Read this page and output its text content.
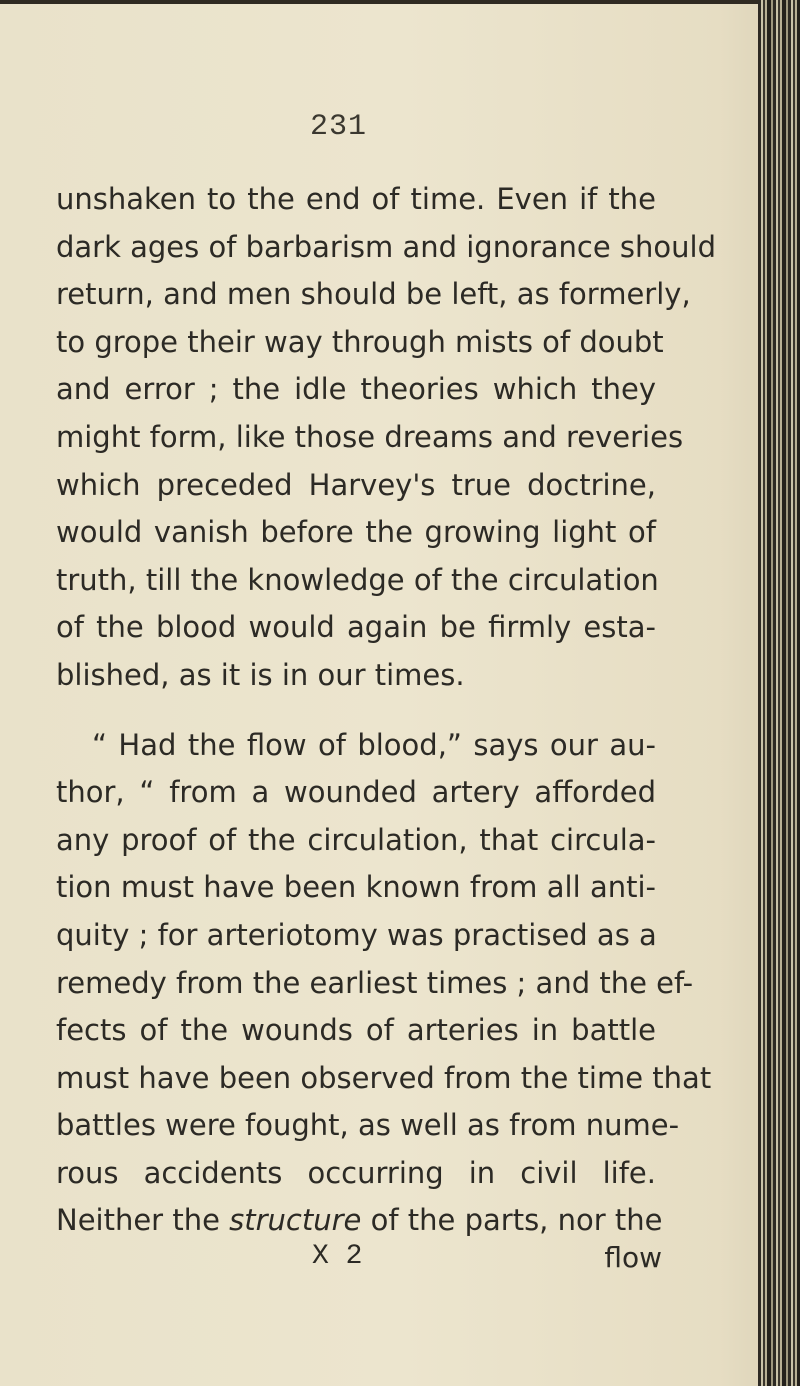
231
unshaken to the end of time. Even if the
dark ages of barbarism and ignorance should
return, and men should be left, as formerly,
to grope their way through mists of doubt
and error ; the idle theories which they
might form, like those dreams and reveries
which preceded Harvey's true doctrine,
would vanish before the growing light of
truth, till the knowledge of the circulation
of the blood would again be firmly esta-
blished, as it is in our times.
“ Had the flow of blood,” says our au-
thor, “ from a wounded artery afforded
any proof of the circulation, that circula-
tion must have been known from all anti-
quity ; for arteriotomy was practised as a
remedy from the earliest times ; and the ef-
fects of the wounds of arteries in battle
must have been observed from the time that
battles were fought, as well as from nume-
rous accidents occurring in civil life.
Neither the structure of the parts, nor the
X 2	flow
